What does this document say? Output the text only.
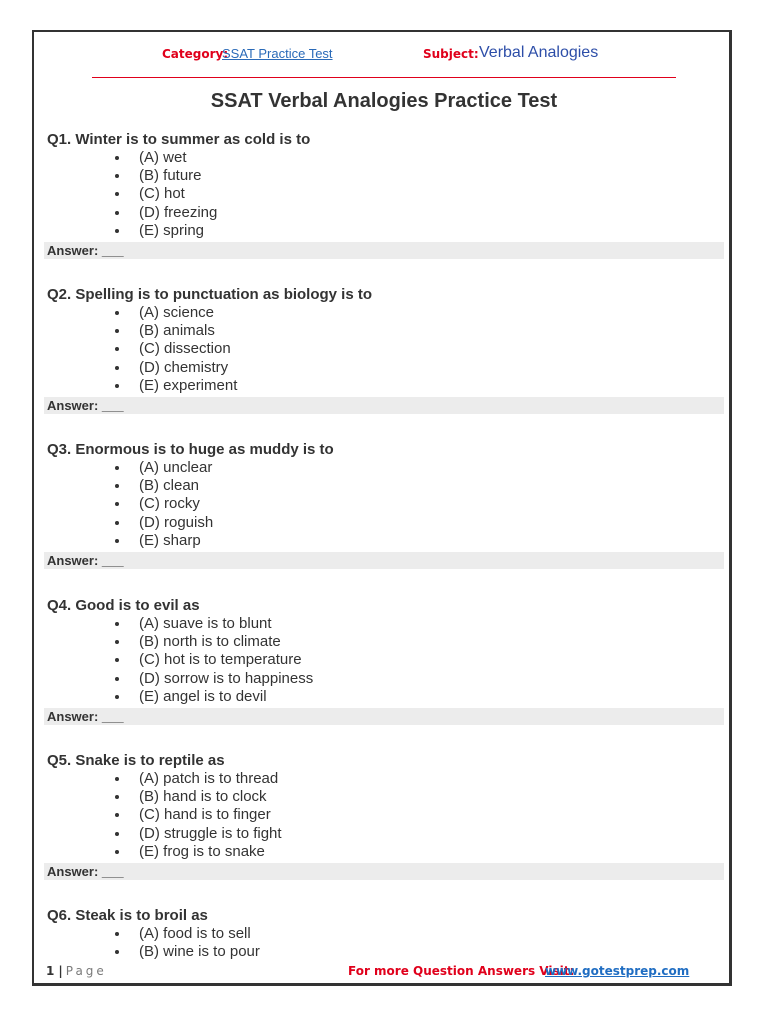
Category:
SSAT Practice Test	Subject: Verbal Analogies
SSAT Verbal Analogies Practice Test
Q1. Winter is to summer as cold is to
(A) wet
(B) future
(C) hot
(D) freezing
(E) spring
Answer: ___
Q2. Spelling is to punctuation as biology is to
(A) science
(B) animals
(C) dissection
(D) chemistry
(E) experiment
Answer: ___
Q3. Enormous is to huge as muddy is to
(A) unclear
(B) clean
(C) rocky
(D) roguish
(E) sharp
Answer: ___
Q4. Good is to evil as
(A) suave is to blunt
(B) north is to climate
(C) hot is to temperature
(D) sorrow is to happiness
(E) angel is to devil
Answer: ___
Q5. Snake is to reptile as
(A) patch is to thread
(B) hand is to clock
(C) hand is to finger
(D) struggle is to fight
(E) frog is to snake
Answer: ___
Q6. Steak is to broil as
(A) food is to sell
(B) wine is to pour
1 | Page	For more Question Answers Visit:
www.gotestprep.com
